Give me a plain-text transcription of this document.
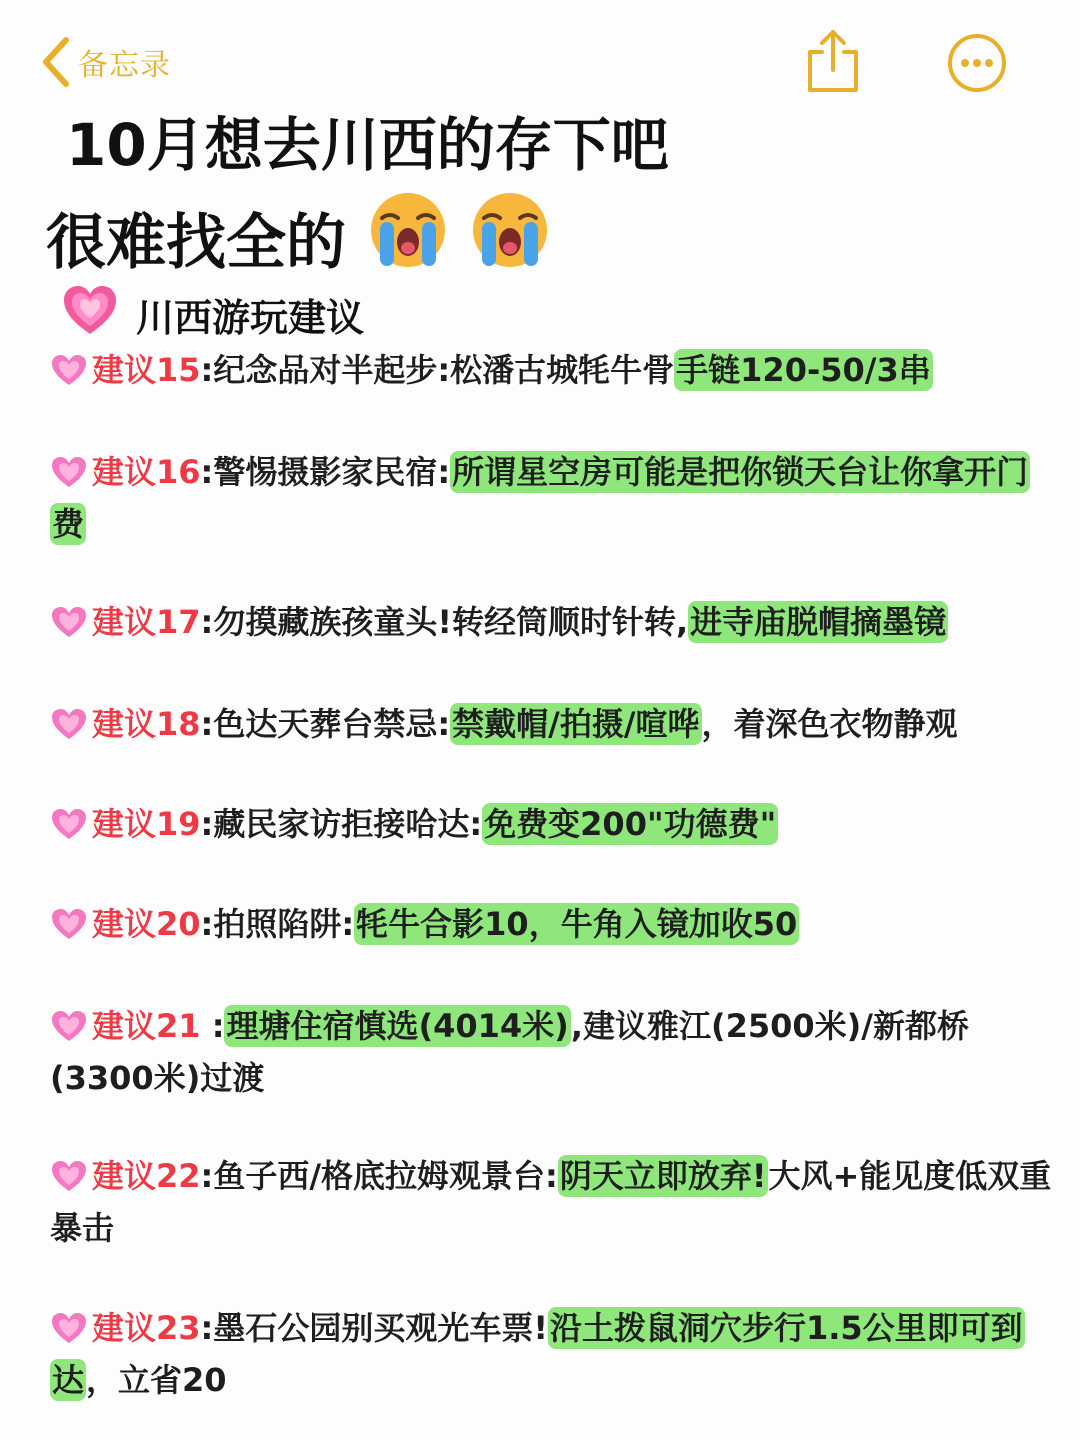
备忘录
10月想去川西的存下吧
很难找全的
川西游玩建议
建议15:纪念品对半起步:松潘古城牦牛骨手链120-50/3串
建议16:警惕摄影家民宿:所谓星空房可能是把你锁天台让你拿开门费
建议17:勿摸藏族孩童头!转经筒顺时针转,进寺庙脱帽摘墨镜
建议18:色达天葬台禁忌:禁戴帽/拍摄/喧哗，着深色衣物静观
建议19:藏民家访拒接哈达:免费变200"功德费"
建议20:拍照陷阱:牦牛合影10，牛角入镜加收50
建议21 :理塘住宿慎选(4014米),建议雅江(2500米)/新都桥(3300米)过渡
建议22:鱼子西/格底拉姆观景台:阴天立即放弃!大风+能见度低双重暴击
建议23:墨石公园别买观光车票!沿土拨鼠洞穴步行1.5公里即可到达，立省20
